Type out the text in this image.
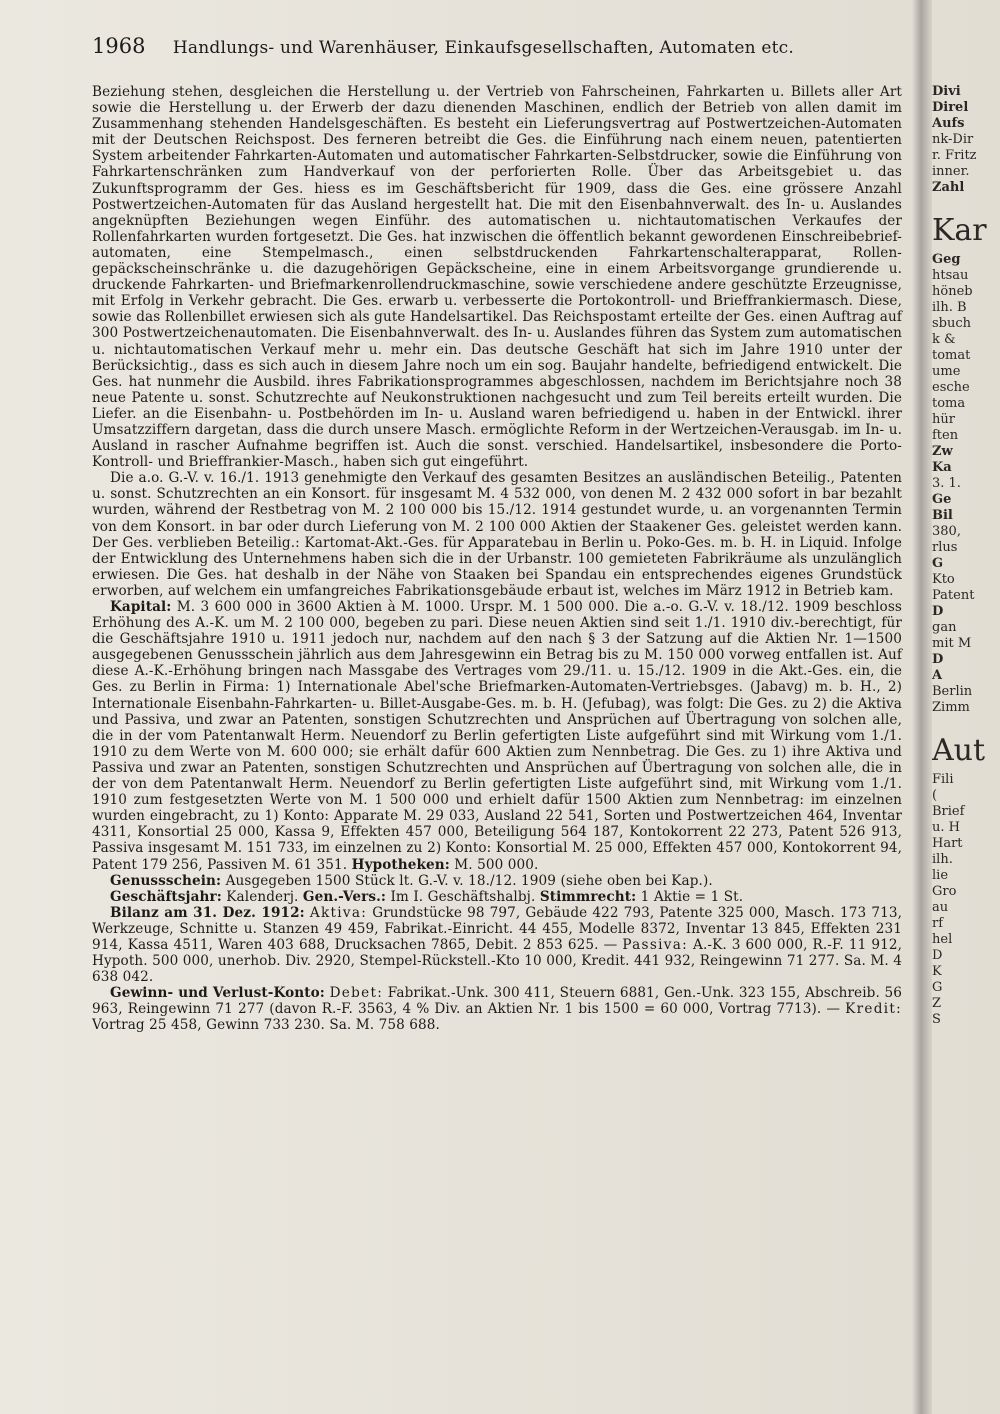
1968 Handlungs- und Warenhäuser, Einkaufsgesellschaften, Automaten etc.

Beziehung stehen, desgleichen die Herstellung u. der Vertrieb von Fahrscheinen, Fahrkarten u. Billets aller Art sowie die Herstellung u. der Erwerb der dazu dienenden Maschinen, endlich der Betrieb von allen damit im Zusammenhang stehenden Handelsgeschäften. Es besteht ein Lieferungsvertrag auf Postwertzeichen-Automaten mit der Deutschen Reichspost. Des ferneren betreibt die Ges. die Einführung nach einem neuen, patentierten System arbeitender Fahrkarten-Automaten und automatischer Fahrkarten-Selbstdrucker, sowie die Einführung von Fahrkartenschränken zum Handverkauf von der perforierten Rolle. Über das Arbeitsgebiet u. das Zukunftsprogramm der Ges. hiess es im Geschäftsbericht für 1909, dass die Ges. eine grössere Anzahl Postwertzeichen-Automaten für das Ausland hergestellt hat. Die mit den Eisenbahnverwalt. des In- u. Auslandes angeknüpften Beziehungen wegen Einführ. des automatischen u. nichtautomatischen Verkaufes der Rollenfahrkarten wurden fortgesetzt. Die Ges. hat inzwischen die öffentlich bekannt gewordenen Einschreibebrief-automaten, eine Stempelmasch., einen selbstdruckenden Fahrkartenschalterapparat, Rollen-gepäckscheinschränke u. die dazugehörigen Gepäckscheine, eine in einem Arbeitsvorgange grundierende u. druckende Fahrkarten- und Briefmarkenrollendruckmaschine, sowie verschiedene andere geschützte Erzeugnisse, mit Erfolg in Verkehr gebracht. Die Ges. erwarb u. verbesserte die Portokontroll- und Brieffrankiermasch. Diese, sowie das Rollenbillet erwiesen sich als gute Handelsartikel. Das Reichspostamt erteilte der Ges. einen Auftrag auf 300 Postwertzeichenautomaten. Die Eisenbahnverwalt. des In- u. Auslandes führen das System zum automatischen u. nichtautomatischen Verkauf mehr u. mehr ein. Das deutsche Geschäft hat sich im Jahre 1910 unter der Berücksichtig., dass es sich auch in diesem Jahre noch um ein sog. Baujahr handelte, befriedigend entwickelt. Die Ges. hat nunmehr die Ausbild. ihres Fabrikationsprogrammes abgeschlossen, nachdem im Berichtsjahre noch 38 neue Patente u. sonst. Schutzrechte auf Neukonstruktionen nachgesucht und zum Teil bereits erteilt wurden. Die Liefer. an die Eisenbahn- u. Postbehörden im In- u. Ausland waren befriedigend u. haben in der Entwickl. ihrer Umsatzziffern dargetan, dass die durch unsere Masch. ermöglichte Reform in der Wertzeichen-Verausgab. im In- u. Ausland in rascher Aufnahme begriffen ist. Auch die sonst. verschied. Handelsartikel, insbesondere die Porto-Kontroll- und Brieffrankier-Masch., haben sich gut eingeführt.

Die a.o. G.-V. v. 16./1. 1913 genehmigte den Verkauf des gesamten Besitzes an ausländischen Beteilig., Patenten u. sonst. Schutzrechten an ein Konsort. für insgesamt M. 4 532 000, von denen M. 2 432 000 sofort in bar bezahlt wurden, während der Restbetrag von M. 2 100 000 bis 15./12. 1914 gestundet wurde, u. an vorgenannten Termin von dem Konsort. in bar oder durch Lieferung von M. 2 100 000 Aktien der Staakener Ges. geleistet werden kann. Der Ges. verblieben Beteilig.: Kartomat-Akt.-Ges. für Apparatebau in Berlin u. Poko-Ges. m. b. H. in Liquid. Infolge der Entwicklung des Unternehmens haben sich die in der Urbanstr. 100 gemieteten Fabrikräume als unzulänglich erwiesen. Die Ges. hat deshalb in der Nähe von Staaken bei Spandau ein entsprechendes eigenes Grundstück erworben, auf welchem ein umfangreiches Fabrikationsgebäude erbaut ist, welches im März 1912 in Betrieb kam.

Kapital: M. 3 600 000 in 3600 Aktien à M. 1000. Urspr. M. 1 500 000. Die a.-o. G.-V. v. 18./12. 1909 beschloss Erhöhung des A.-K. um M. 2 100 000, begeben zu pari. Diese neuen Aktien sind seit 1./1. 1910 div.-berechtigt, für die Geschäftsjahre 1910 u. 1911 jedoch nur, nachdem auf den nach § 3 der Satzung auf die Aktien Nr. 1—1500 ausgegebenen Genussschein jährlich aus dem Jahresgewinn ein Betrag bis zu M. 150 000 vorweg entfallen ist. Auf diese A.-K.-Erhöhung bringen nach Massgabe des Vertrages vom 29./11. u. 15./12. 1909 in die Akt.-Ges. ein, die Ges. zu Berlin in Firma: 1) Internationale Abel'sche Briefmarken-Automaten-Vertriebsges. (Jabavg) m. b. H., 2) Internationale Eisenbahn-Fahrkarten- u. Billet-Ausgabe-Ges. m. b. H. (Jefubag), was folgt: Die Ges. zu 2) die Aktiva und Passiva, und zwar an Patenten, sonstigen Schutzrechten und Ansprüchen auf Übertragung von solchen alle, die in der vom Patentanwalt Herm. Neuendorf zu Berlin gefertigten Liste aufgeführt sind mit Wirkung vom 1./1. 1910 zu dem Werte von M. 600 000; sie erhält dafür 600 Aktien zum Nennbetrag. Die Ges. zu 1) ihre Aktiva und Passiva und zwar an Patenten, sonstigen Schutzrechten und Ansprüchen auf Übertragung von solchen alle, die in der von dem Patentanwalt Herm. Neuendorf zu Berlin gefertigten Liste aufgeführt sind, mit Wirkung vom 1./1. 1910 zum festgesetzten Werte von M. 1 500 000 und erhielt dafür 1500 Aktien zum Nennbetrag: im einzelnen wurden eingebracht, zu 1) Konto: Apparate M. 29 033, Ausland 22 541, Sorten und Postwertzeichen 464, Inventar 4311, Konsortial 25 000, Kassa 9, Effekten 457 000, Beteiligung 564 187, Kontokorrent 22 273, Patent 526 913, Passiva insgesamt M. 151 733, im einzelnen zu 2) Konto: Konsortial M. 25 000, Effekten 457 000, Kontokorrent 94, Patent 179 256, Passiven M. 61 351. Hypotheken: M. 500 000.

Genussschein: Ausgegeben 1500 Stück lt. G.-V. v. 18./12. 1909 (siehe oben bei Kap.).

Geschäftsjahr: Kalenderj. Gen.-Vers.: Im I. Geschäftshalbj. Stimmrecht: 1 Aktie = 1 St.

Bilanz am 31. Dez. 1912: Aktiva: Grundstücke 98 797, Gebäude 422 793, Patente 325 000, Masch. 173 713, Werkzeuge, Schnitte u. Stanzen 49 459, Fabrikat.-Einricht. 44 455, Modelle 8372, Inventar 13 845, Effekten 231 914, Kassa 4511, Waren 403 688, Drucksachen 7865, Debit. 2 853 625. — Passiva: A.-K. 3 600 000, R.-F. 11 912, Hypoth. 500 000, unerhob. Div. 2920, Stempel-Rückstell.-Kto 10 000, Kredit. 441 932, Reingewinn 71 277. Sa. M. 4 638 042.

Gewinn- und Verlust-Konto: Debet: Fabrikat.-Unk. 300 411, Steuern 6881, Gen.-Unk. 323 155, Abschreib. 56 963, Reingewinn 71 277 (davon R.-F. 3563, 4 % Div. an Aktien Nr. 1 bis 1500 = 60 000, Vortrag 7713). — Kredit: Vortrag 25 458, Gewinn 733 230. Sa. M. 758 688.

Divi
Direl
Aufs
nk-Dir
r. Fritz
inner.
Zahl
Kar
Geg
htsau
höneb
ilh. B
sbuch
k &
tomat
ume
esche
toma
hür
ften
Zw
Ka
3. 1.
Ge
Bil
380,
rlus
G
Kto
Patent
D
gan
mit M
D
A
Berlin
Zimm
Aut
Fili
(
Brief
u. H
Hart
ilh.
lie
Gro
au
rf
hel
D
K
G
Z
S
